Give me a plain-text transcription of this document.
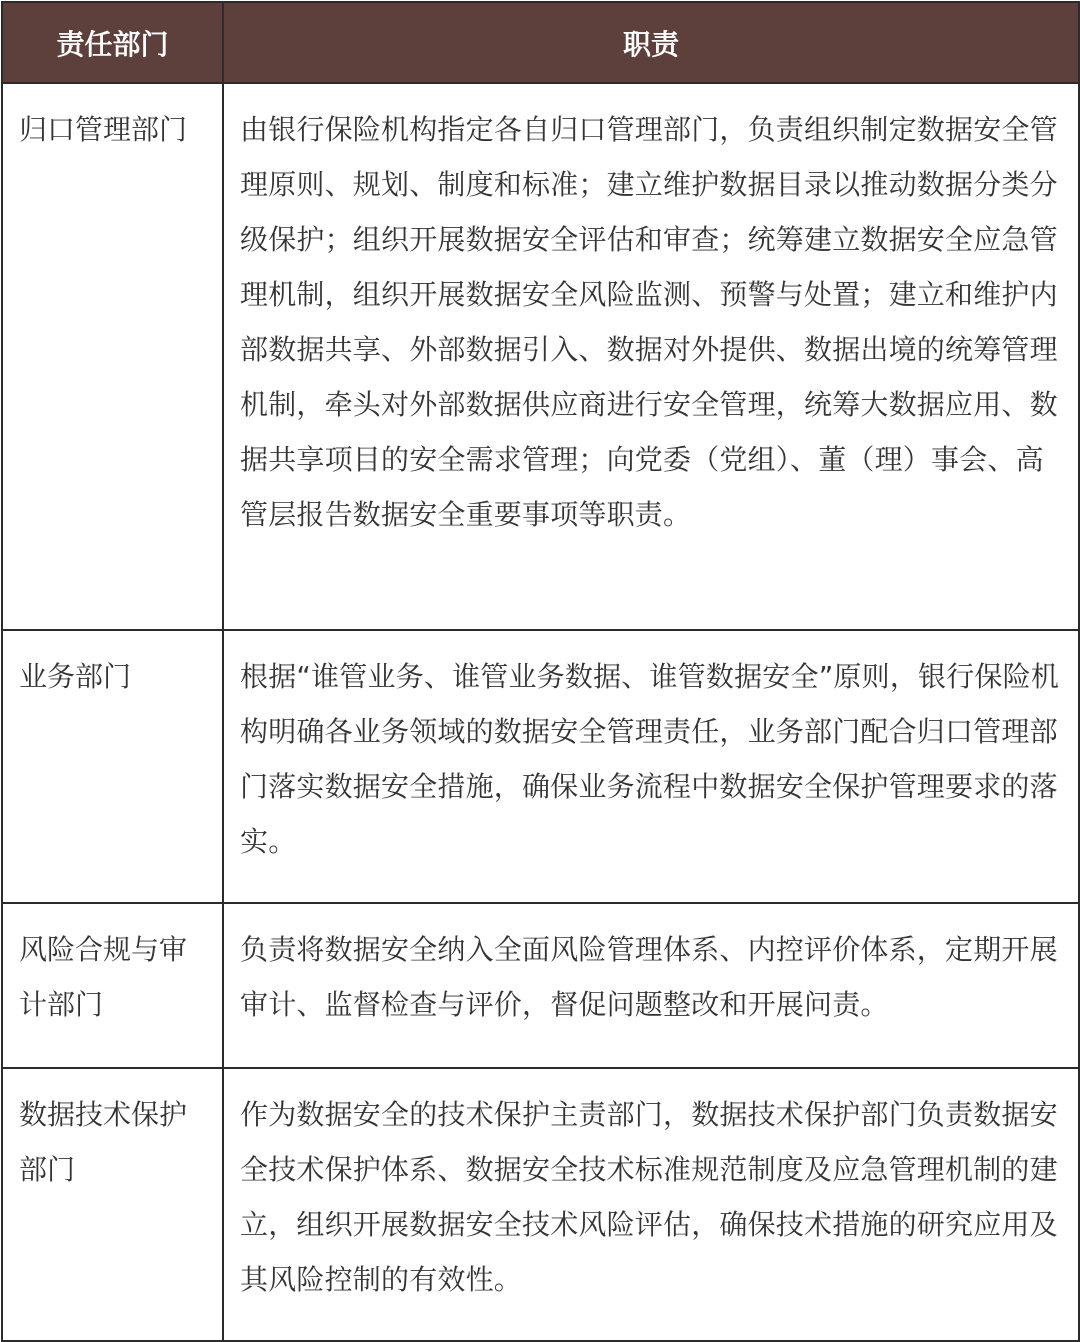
责任部门	职责
归口管理部门	由银行保险机构指定各自归口管理部门，负责组织制定数据安全管理原则、规划、制度和标准；建立维护数据目录以推动数据分类分级保护；组织开展数据安全评估和审查；统筹建立数据安全应急管理机制，组织开展数据安全风险监测、预警与处置；建立和维护内部数据共享、外部数据引入、数据对外提供、数据出境的统筹管理机制，牵头对外部数据供应商进行安全管理，统筹大数据应用、数据共享项目的安全需求管理；向党委（党组）、董（理）事会、高管层报告数据安全重要事项等职责。
业务部门	根据“谁管业务、谁管业务数据、谁管数据安全”原则，银行保险机构明确各业务领域的数据安全管理责任，业务部门配合归口管理部门落实数据安全措施，确保业务流程中数据安全保护管理要求的落实。
风险合规与审计部门	负责将数据安全纳入全面风险管理体系、内控评价体系，定期开展审计、监督检查与评价，督促问题整改和开展问责。
数据技术保护部门	作为数据安全的技术保护主责部门，数据技术保护部门负责数据安全技术保护体系、数据安全技术标准规范制度及应急管理机制的建立，组织开展数据安全技术风险评估，确保技术措施的研究应用及其风险控制的有效性。
